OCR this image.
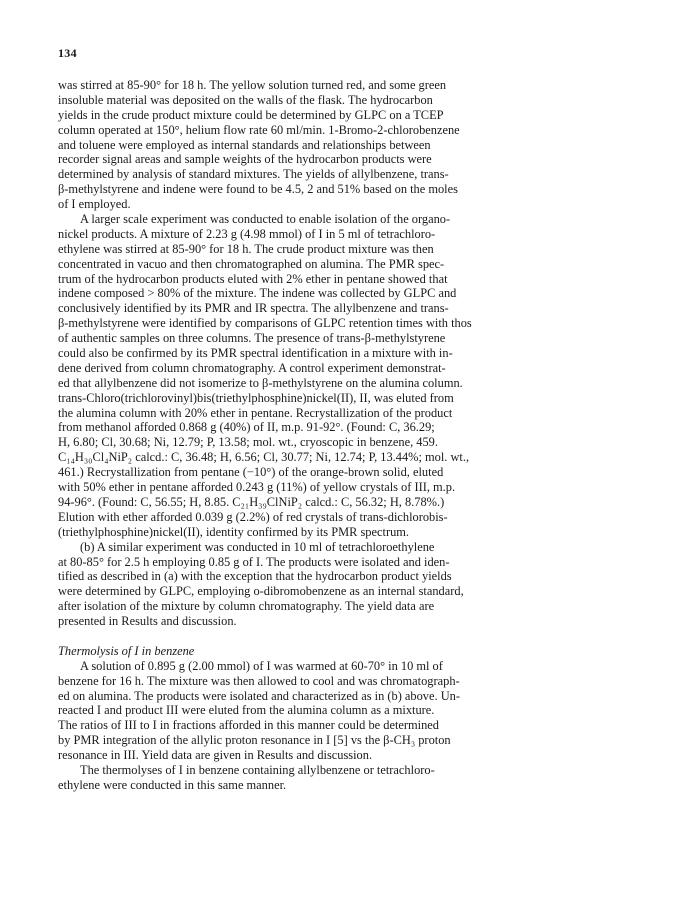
134
was stirred at 85-90° for 18 h. The yellow solution turned red, and some green
insoluble material was deposited on the walls of the flask. The hydrocarbon
yields in the crude product mixture could be determined by GLPC on a TCEP
column operated at 150°, helium flow rate 60 ml/min. 1-Bromo-2-chlorobenzene
and toluene were employed as internal standards and relationships between
recorder signal areas and sample weights of the hydrocarbon products were
determined by analysis of standard mixtures. The yields of allylbenzene, trans-
β-methylstyrene and indene were found to be 4.5, 2 and 51% based on the moles
of I employed.
A larger scale experiment was conducted to enable isolation of the organo-
nickel products. A mixture of 2.23 g (4.98 mmol) of I in 5 ml of tetrachloro-
ethylene was stirred at 85-90° for 18 h. The crude product mixture was then
concentrated in vacuo and then chromatographed on alumina. The PMR spec-
trum of the hydrocarbon products eluted with 2% ether in pentane showed that
indene composed > 80% of the mixture. The indene was collected by GLPC and
conclusively identified by its PMR and IR spectra. The allylbenzene and trans-
β-methylstyrene were identified by comparisons of GLPC retention times with thos
of authentic samples on three columns. The presence of trans-β-methylstyrene
could also be confirmed by its PMR spectral identification in a mixture with in-
dene derived from column chromatography. A control experiment demonstrat-
ed that allylbenzene did not isomerize to β-methylstyrene on the alumina column.
trans-Chloro(trichlorovinyl)bis(triethylphosphine)nickel(II), II, was eluted from
the alumina column with 20% ether in pentane. Recrystallization of the product
from methanol afforded 0.868 g (40%) of II, m.p. 91-92°. (Found: C, 36.29;
H, 6.80; Cl, 30.68; Ni, 12.79; P, 13.58; mol. wt., cryoscopic in benzene, 459.
C₁₄H₃₀Cl₄NiP₂ calcd.: C, 36.48; H, 6.56; Cl, 30.77; Ni, 12.74; P, 13.44%; mol. wt.,
461.) Recrystallization from pentane (−10°) of the orange-brown solid, eluted
with 50% ether in pentane afforded 0.243 g (11%) of yellow crystals of III, m.p.
94-96°. (Found: C, 56.55; H, 8.85. C₂₁H₃₉ClNiP₂ calcd.: C, 56.32; H, 8.78%.)
Elution with ether afforded 0.039 g (2.2%) of red crystals of trans-dichlorobis-
(triethylphosphine)nickel(II), identity confirmed by its PMR spectrum.
(b) A similar experiment was conducted in 10 ml of tetrachloroethylene
at 80-85° for 2.5 h employing 0.85 g of I. The products were isolated and iden-
tified as described in (a) with the exception that the hydrocarbon product yields
were determined by GLPC, employing o-dibromobenzene as an internal standard,
after isolation of the mixture by column chromatography. The yield data are
presented in Results and discussion.
Thermolysis of I in benzene
A solution of 0.895 g (2.00 mmol) of I was warmed at 60-70° in 10 ml of
benzene for 16 h. The mixture was then allowed to cool and was chromatograph-
ed on alumina. The products were isolated and characterized as in (b) above. Un-
reacted I and product III were eluted from the alumina column as a mixture.
The ratios of III to I in fractions afforded in this manner could be determined
by PMR integration of the allylic proton resonance in I [5] vs the β-CH₃ proton
resonance in III. Yield data are given in Results and discussion.
The thermolyses of I in benzene containing allylbenzene or tetrachloro-
ethylene were conducted in this same manner.
